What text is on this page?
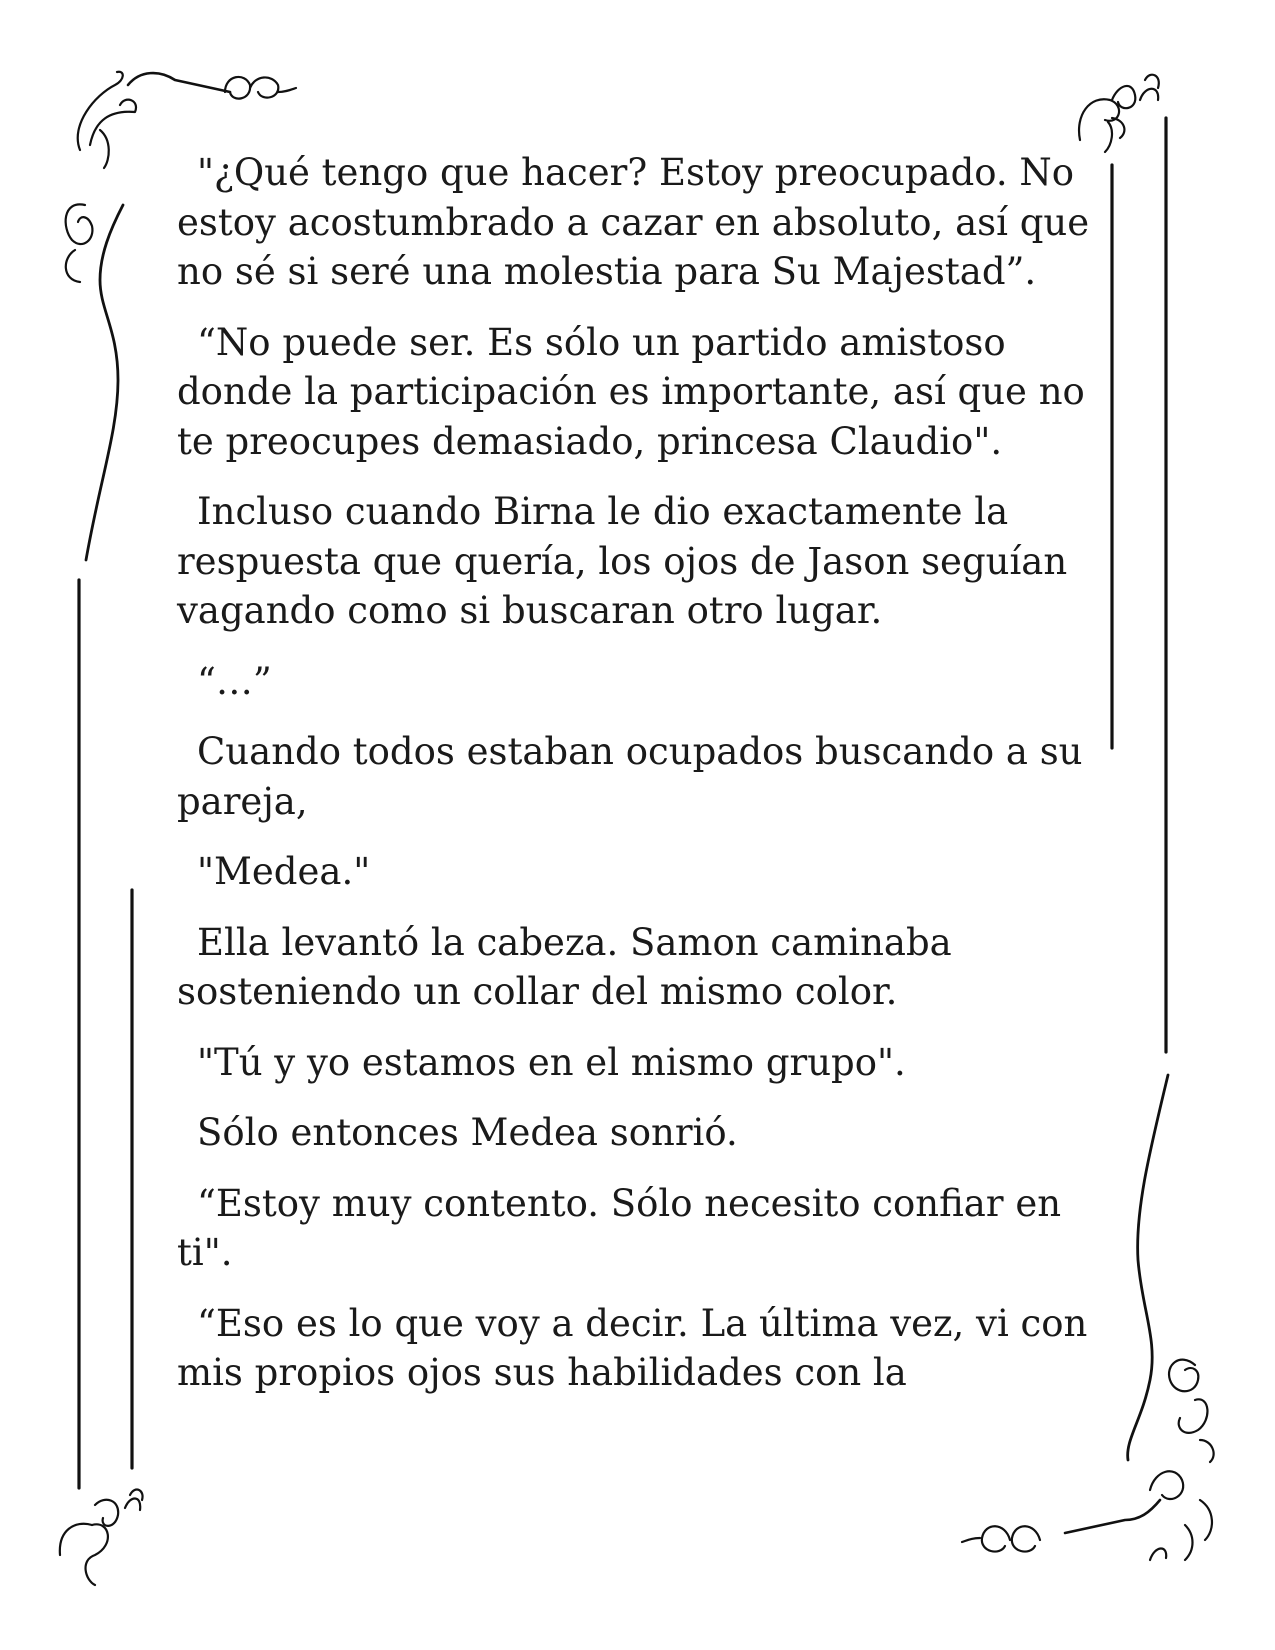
"¿Qué tengo que hacer? Estoy preocupado. No estoy acostumbrado a cazar en absoluto, así que no sé si seré una molestia para Su Majestad”.

“No puede ser. Es sólo un partido amistoso donde la participación es importante, así que no te preocupes demasiado, princesa Claudio".

Incluso cuando Birna le dio exactamente la respuesta que quería, los ojos de Jason seguían vagando como si buscaran otro lugar.

“…”

Cuando todos estaban ocupados buscando a su pareja,

"Medea."

Ella levantó la cabeza. Samon caminaba sosteniendo un collar del mismo color.

"Tú y yo estamos en el mismo grupo".

Sólo entonces Medea sonrió.

“Estoy muy contento. Sólo necesito confiar en ti".

“Eso es lo que voy a decir. La última vez, vi con mis propios ojos sus habilidades con la
